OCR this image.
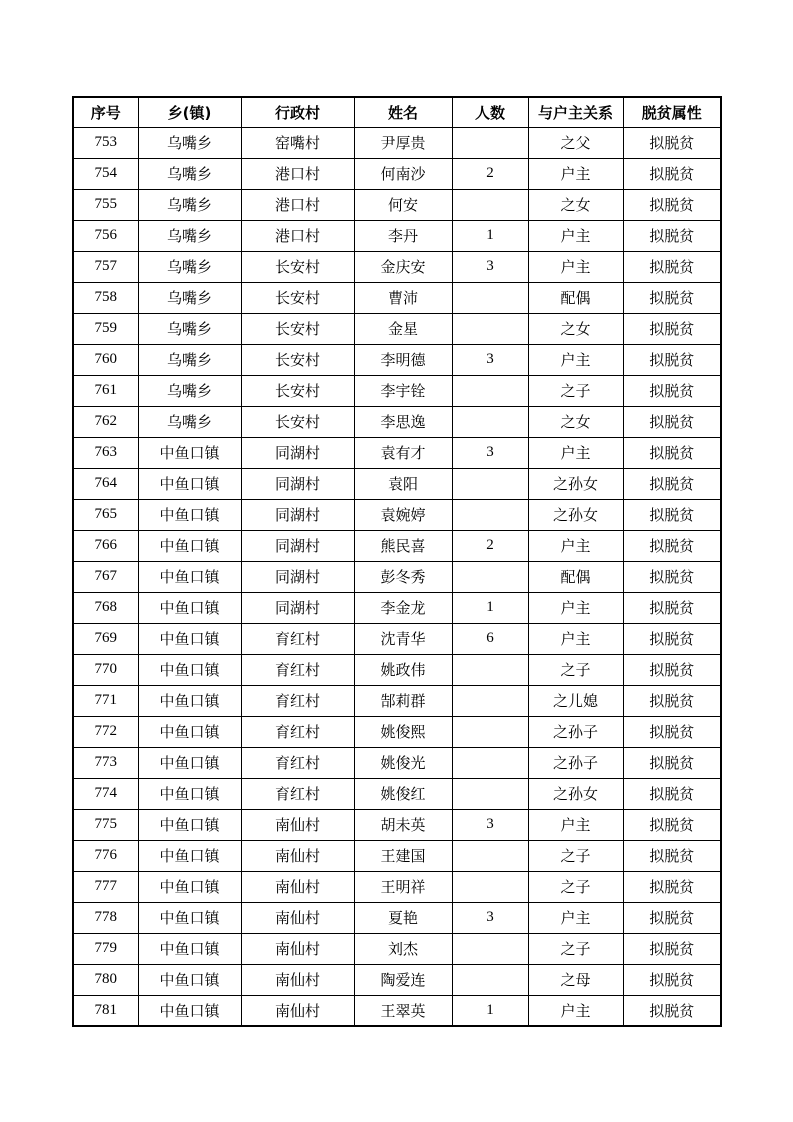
序号	乡(镇)	行政村	姓名	人数	与户主关系	脱贫属性
753	乌嘴乡	窑嘴村	尹厚贵		之父	拟脱贫
754	乌嘴乡	港口村	何南沙	2	户主	拟脱贫
755	乌嘴乡	港口村	何安		之女	拟脱贫
756	乌嘴乡	港口村	李丹	1	户主	拟脱贫
757	乌嘴乡	长安村	金庆安	3	户主	拟脱贫
758	乌嘴乡	长安村	曹沛		配偶	拟脱贫
759	乌嘴乡	长安村	金星		之女	拟脱贫
760	乌嘴乡	长安村	李明德	3	户主	拟脱贫
761	乌嘴乡	长安村	李宇铨		之子	拟脱贫
762	乌嘴乡	长安村	李思逸		之女	拟脱贫
763	中鱼口镇	同湖村	袁有才	3	户主	拟脱贫
764	中鱼口镇	同湖村	袁阳		之孙女	拟脱贫
765	中鱼口镇	同湖村	袁婉婷		之孙女	拟脱贫
766	中鱼口镇	同湖村	熊民喜	2	户主	拟脱贫
767	中鱼口镇	同湖村	彭冬秀		配偶	拟脱贫
768	中鱼口镇	同湖村	李金龙	1	户主	拟脱贫
769	中鱼口镇	育红村	沈青华	6	户主	拟脱贫
770	中鱼口镇	育红村	姚政伟		之子	拟脱贫
771	中鱼口镇	育红村	郜莉群		之儿媳	拟脱贫
772	中鱼口镇	育红村	姚俊熙		之孙子	拟脱贫
773	中鱼口镇	育红村	姚俊光		之孙子	拟脱贫
774	中鱼口镇	育红村	姚俊红		之孙女	拟脱贫
775	中鱼口镇	南仙村	胡未英	3	户主	拟脱贫
776	中鱼口镇	南仙村	王建国		之子	拟脱贫
777	中鱼口镇	南仙村	王明祥		之子	拟脱贫
778	中鱼口镇	南仙村	夏艳	3	户主	拟脱贫
779	中鱼口镇	南仙村	刘杰		之子	拟脱贫
780	中鱼口镇	南仙村	陶爱连		之母	拟脱贫
781	中鱼口镇	南仙村	王翠英	1	户主	拟脱贫
